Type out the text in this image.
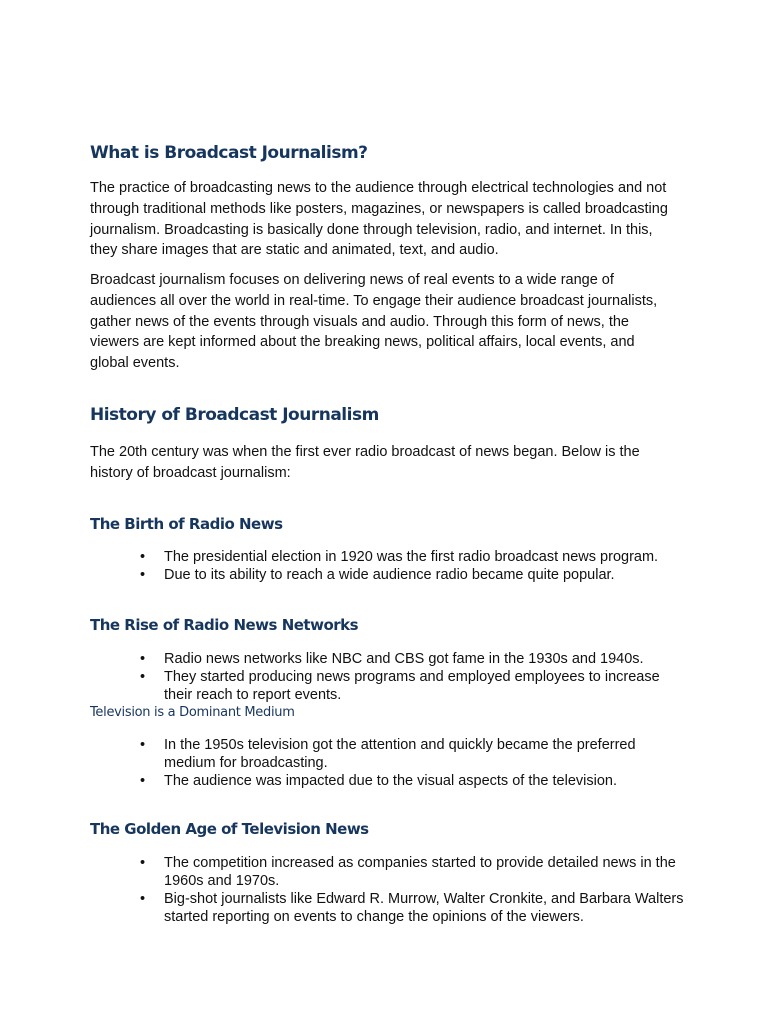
What is Broadcast Journalism?

The practice of broadcasting news to the audience through electrical technologies and not through traditional methods like posters, magazines, or newspapers is called broadcasting journalism. Broadcasting is basically done through television, radio, and internet. In this, they share images that are static and animated, text, and audio.

Broadcast journalism focuses on delivering news of real events to a wide range of audiences all over the world in real-time. To engage their audience broadcast journalists, gather news of the events through visuals and audio. Through this form of news, the viewers are kept informed about the breaking news, political affairs, local events, and global events.

History of Broadcast Journalism

The 20th century was when the first ever radio broadcast of news began. Below is the history of broadcast journalism:

The Birth of Radio News
• The presidential election in 1920 was the first radio broadcast news program.
• Due to its ability to reach a wide audience radio became quite popular.
The Rise of Radio News Networks
• Radio news networks like NBC and CBS got fame in the 1930s and 1940s.
• They started producing news programs and employed employees to increase their reach to report events.
Television is a Dominant Medium
• In the 1950s television got the attention and quickly became the preferred medium for broadcasting.
• The audience was impacted due to the visual aspects of the television.
The Golden Age of Television News
• The competition increased as companies started to provide detailed news in the 1960s and 1970s.
• Big-shot journalists like Edward R. Murrow, Walter Cronkite, and Barbara Walters started reporting on events to change the opinions of the viewers.
